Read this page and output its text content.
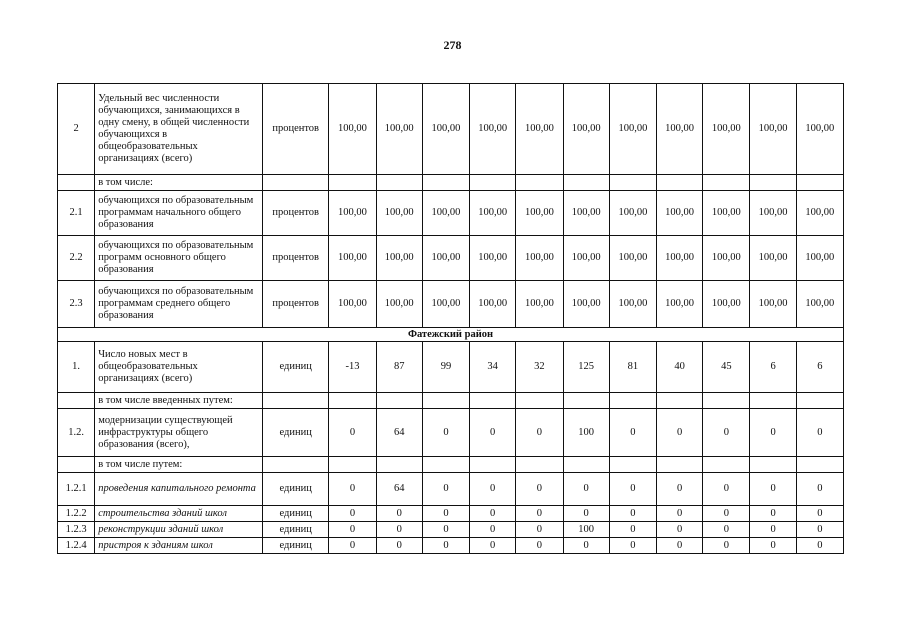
278
2	Удельный вес численности обучающихся, занимающихся в одну смену, в общей численности обучающихся в общеобразовательных организациях (всего)	процентов	100,00	100,00	100,00	100,00	100,00	100,00	100,00	100,00	100,00	100,00	100,00
	в том числе:												
2.1	обучающихся по образовательным программам начального общего образования	процентов	100,00	100,00	100,00	100,00	100,00	100,00	100,00	100,00	100,00	100,00	100,00
2.2	обучающихся по образовательным программ основного общего образования	процентов	100,00	100,00	100,00	100,00	100,00	100,00	100,00	100,00	100,00	100,00	100,00
2.3	обучающихся по образовательным программам среднего общего образования	процентов	100,00	100,00	100,00	100,00	100,00	100,00	100,00	100,00	100,00	100,00	100,00
Фатежский район													
1.	Число новых мест в общеобразовательных организациях (всего)	единиц	-13	87	99	34	32	125	81	40	45	6	6
	в том числе введенных путем:												
1.2.	модернизации существующей инфраструктуры общего образования (всего),	единиц	0	64	0	0	0	100	0	0	0	0	0
	в том числе путем:												
1.2.1	проведения капитального ремонта	единиц	0	64	0	0	0	0	0	0	0	0	0
1.2.2	строительства зданий школ	единиц	0	0	0	0	0	0	0	0	0	0	0
1.2.3	реконструкции зданий школ	единиц	0	0	0	0	0	100	0	0	0	0	0
1.2.4	пристроя к зданиям школ	единиц	0	0	0	0	0	0	0	0	0	0	0
